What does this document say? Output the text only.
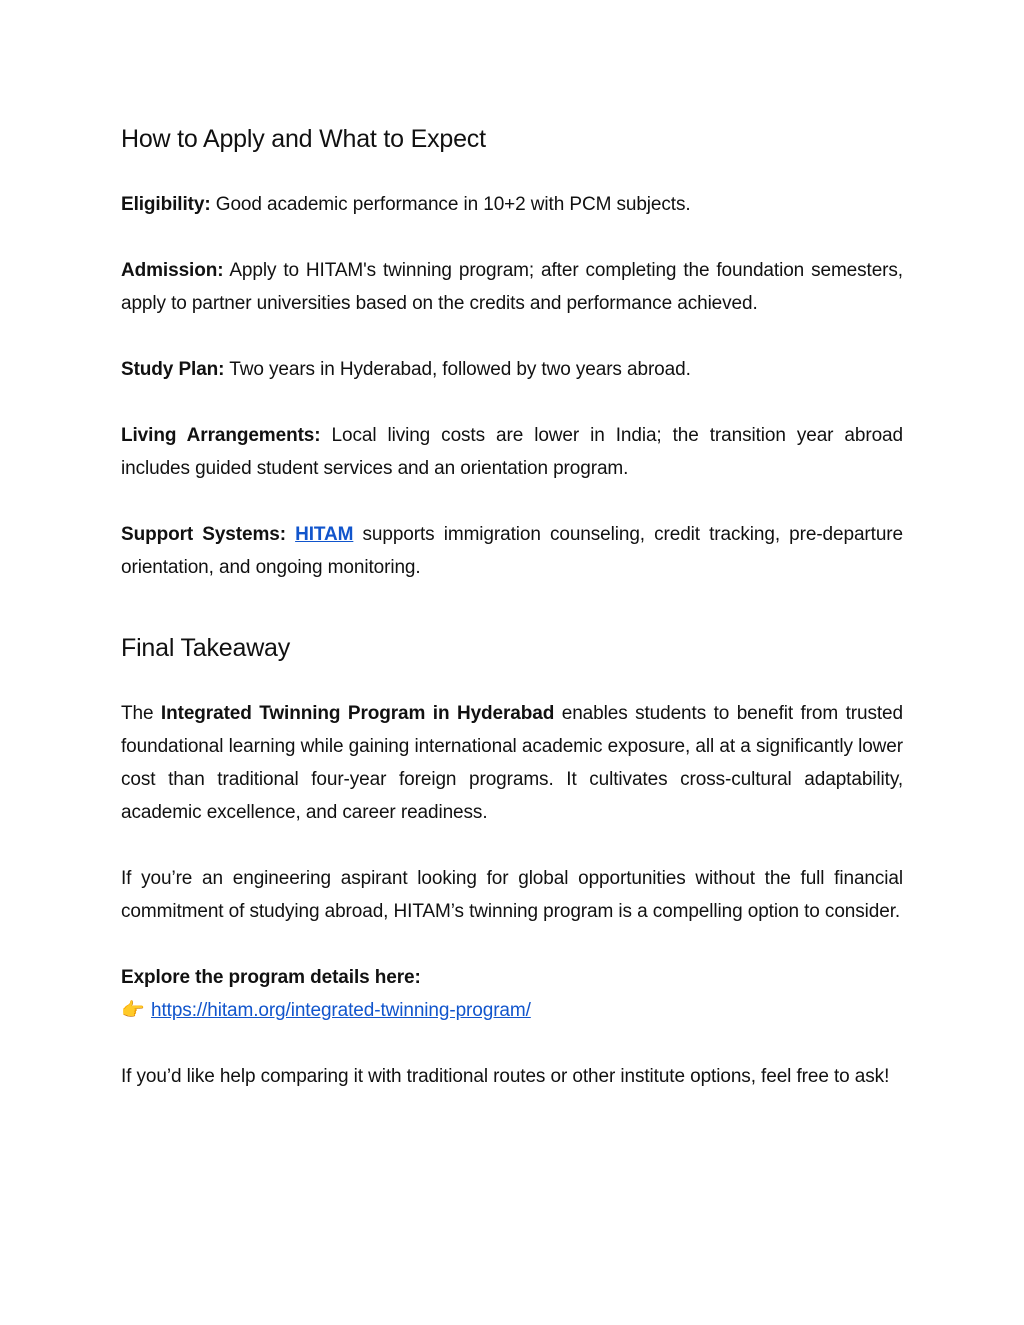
How to Apply and What to Expect

Eligibility: Good academic performance in 10+2 with PCM subjects.

Admission: Apply to HITAM's twinning program; after completing the foundation semesters, apply to partner universities based on the credits and performance achieved.

Study Plan: Two years in Hyderabad, followed by two years abroad.

Living Arrangements: Local living costs are lower in India; the transition year abroad includes guided student services and an orientation program.

Support Systems: HITAM supports immigration counseling, credit tracking, pre-departure orientation, and ongoing monitoring.

Final Takeaway

The Integrated Twinning Program in Hyderabad enables students to benefit from trusted foundational learning while gaining international academic exposure, all at a significantly lower cost than traditional four-year foreign programs. It cultivates cross-cultural adaptability, academic excellence, and career readiness.

If you’re an engineering aspirant looking for global opportunities without the full financial commitment of studying abroad, HITAM’s twinning program is a compelling option to consider.

Explore the program details here:

👉 https://hitam.org/integrated-twinning-program/

If you’d like help comparing it with traditional routes or other institute options, feel free to ask!
